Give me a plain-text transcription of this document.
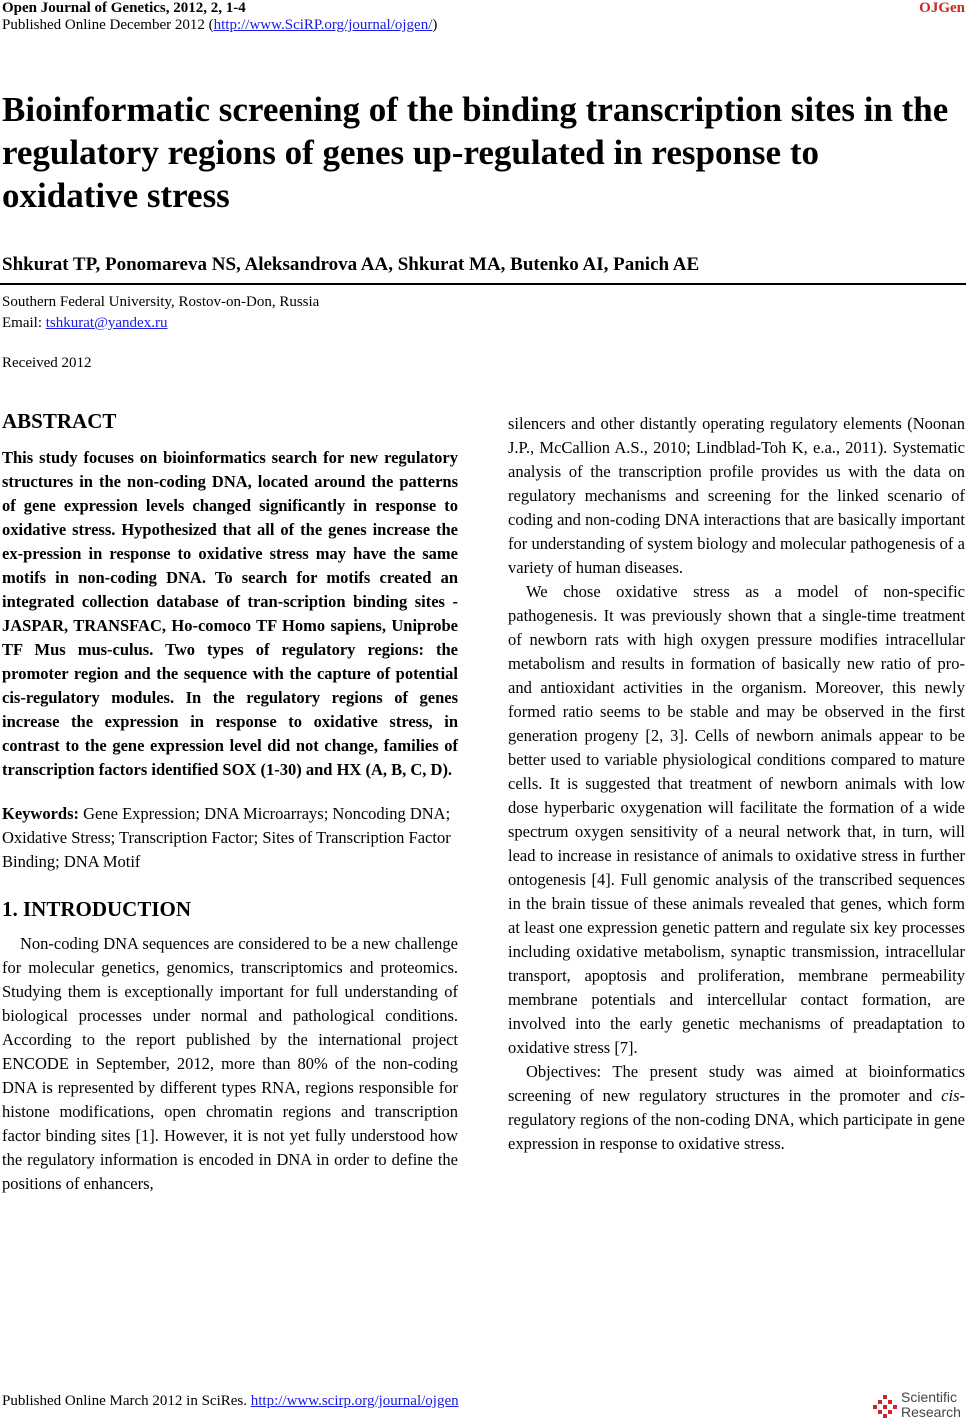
Open Journal of Genetics, 2012, 2, 1-4	OJGen
Published Online December 2012 (http://www.SciRP.org/journal/ojgen/)
Bioinformatic screening of the binding transcription sites in the regulatory regions of genes up-regulated in response to oxidative stress
Shkurat TP, Ponomareva NS, Aleksandrova AA, Shkurat MA, Butenko AI, Panich AE
Southern Federal University, Rostov-on-Don, Russia
Email: tshkurat@yandex.ru
Received 2012
ABSTRACT

This study focuses on bioinformatics search for new regulatory structures in the non-coding DNA, located around the patterns of gene expression levels changed significantly in response to oxidative stress. Hypothesized that all of the genes increase the ex-pression in response to oxidative stress may have the same motifs in non-coding DNA. To search for motifs created an integrated collection database of tran-scription binding sites - JASPAR, TRANSFAC, Ho-comoco TF Homo sapiens, Uniprobe TF Mus mus-culus. Two types of regulatory regions: the promoter region and the sequence with the capture of potential cis-regulatory modules. In the regulatory regions of genes increase the expression in response to oxidative stress, in contrast to the gene expression level did not change, families of transcription factors identified SOX (1-30) and HX (A, B, C, D).

Keywords: Gene Expression; DNA Microarrays; Noncoding DNA; Oxidative Stress; Transcription Factor; Sites of Transcription Factor Binding; DNA Motif

1. INTRODUCTION

Non-coding DNA sequences are considered to be a new challenge for molecular genetics, genomics, transcriptomics and proteomics. Studying them is exceptionally important for full understanding of biological processes under normal and pathological conditions. According to the report published by the international project ENCODE in September, 2012, more than 80% of the non-coding DNA is represented by different types RNA, regions responsible for histone modifications, open chromatin regions and transcription factor binding sites [1]. However, it is not yet fully understood how the regulatory information is encoded in DNA in order to define the positions of enhancers,

silencers and other distantly operating regulatory elements (Noonan J.P., McCallion A.S., 2010; Lindblad-Toh K, e.a., 2011). Systematic analysis of the transcription profile provides us with the data on regulatory mechanisms and screening for the linked scenario of coding and non-coding DNA interactions that are basically important for understanding of system biology and molecular pathogenesis of a variety of human diseases.

We chose oxidative stress as a model of non-specific pathogenesis. It was previously shown that a single-time treatment of newborn rats with high oxygen pressure modifies intracellular metabolism and results in formation of basically new ratio of pro- and antioxidant activities in the organism. Moreover, this newly formed ratio seems to be stable and may be observed in the first generation progeny [2, 3]. Cells of newborn animals appear to be better used to variable physiological conditions compared to mature cells. It is suggested that treatment of newborn animals with low dose hyperbaric oxygenation will facilitate the formation of a wide spectrum oxygen sensitivity of a neural network that, in turn, will lead to increase in resistance of animals to oxidative stress in further ontogenesis [4]. Full genomic analysis of the transcribed sequences in the brain tissue of these animals revealed that genes, which form at least one expression genetic pattern and regulate six key processes including oxidative metabolism, synaptic transmission, intracellular transport, apoptosis and proliferation, membrane permeability membrane potentials and intercellular contact formation, are involved into the early genetic mechanisms of preadaptation to oxidative stress [7].

Objectives: The present study was aimed at bioinformatics screening of new regulatory structures in the promoter and cis-regulatory regions of the non-coding DNA, which participate in gene expression in response to oxidative stress.

Published Online March 2012 in SciRes. http://www.scirp.org/journal/ojgen	Scientific
Research
